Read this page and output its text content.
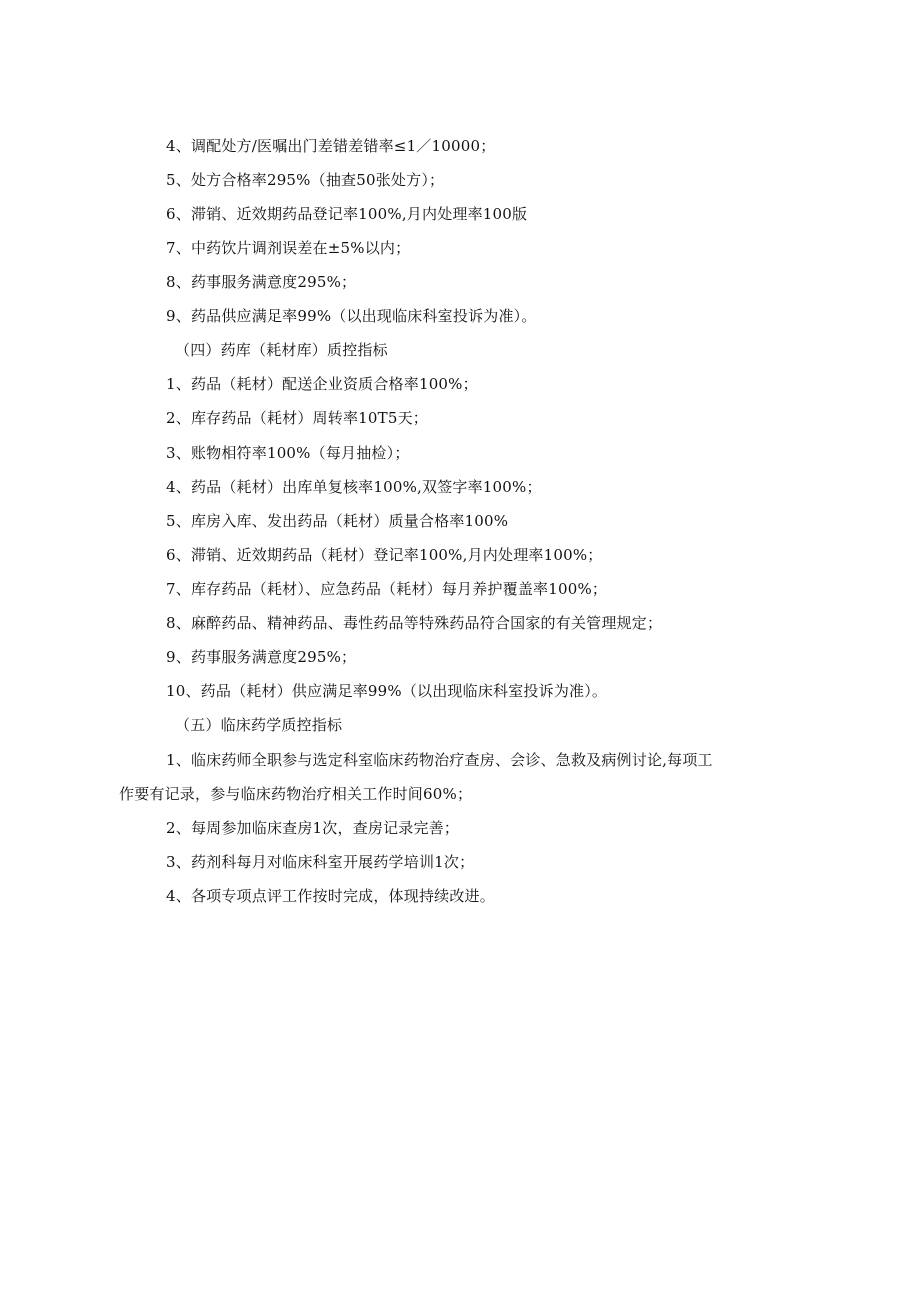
4、调配处方/医嘱出门差错差错率≤1／10000；
5、处方合格率295%（抽查50张处方）；
6、滞销、近效期药品登记率100%,月内处理率100版
7、中药饮片调剂误差在±5%以内；
8、药事服务满意度295%；
9、药品供应满足率99%（以出现临床科室投诉为准）。
（四）药库（耗材库）质控指标
1、药品（耗材）配送企业资质合格率100%；
2、库存药品（耗材）周转率10T5天；
3、账物相符率100%（每月抽检）；
4、药品（耗材）出库单复核率100%,双签字率100%；
5、库房入库、发出药品（耗材）质量合格率100%
6、滞销、近效期药品（耗材）登记率100%,月内处理率100%；
7、库存药品（耗材）、应急药品（耗材）每月养护覆盖率100%；
8、麻醉药品、精神药品、毒性药品等特殊药品符合国家的有关管理规定；
9、药事服务满意度295%；
10、药品（耗材）供应满足率99%（以出现临床科室投诉为准）。
（五）临床药学质控指标
1、临床药师全职参与选定科室临床药物治疗查房、会诊、急救及病例讨论,每项工
作要有记录，参与临床药物治疗相关工作时间60%；
2、每周参加临床查房1次，查房记录完善；
3、药剂科每月对临床科室开展药学培训1次；
4、各项专项点评工作按时完成，体现持续改进。
